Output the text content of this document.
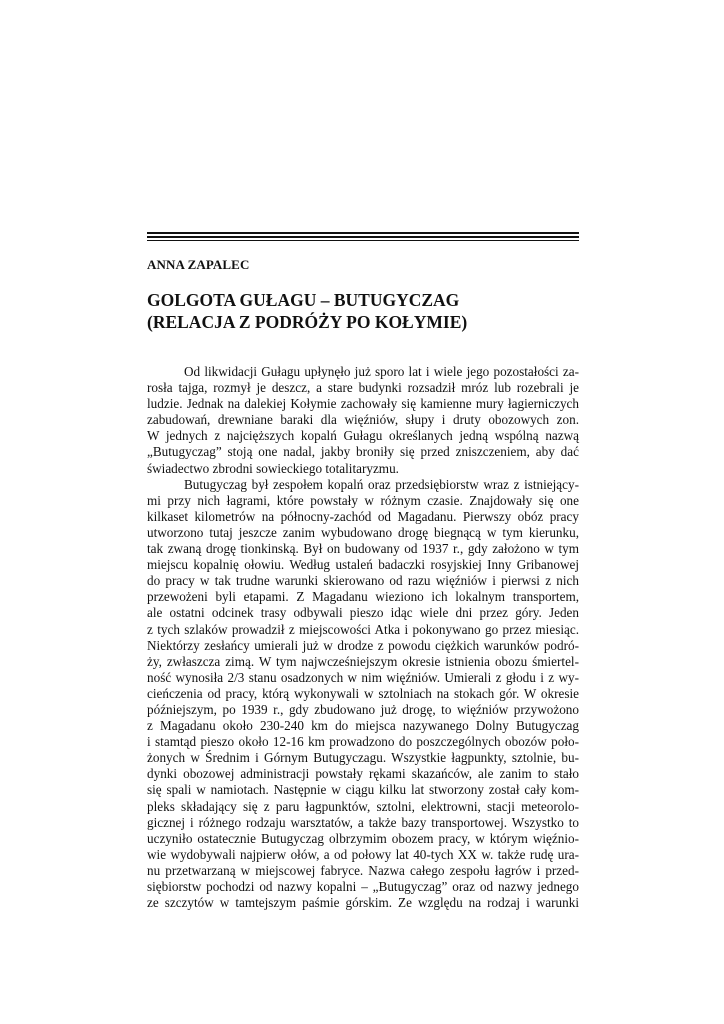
ANNA ZAPALEC

GOLGOTA GUŁAGU – BUTUGYCZAG
(RELACJA Z PODRÓŻY PO KOŁYMIE)
Od likwidacji Gułagu upłynęło już sporo lat i wiele jego pozostałości za-
rosła tajga, rozmył je deszcz, a stare budynki rozsadził mróz lub rozebrali je
ludzie. Jednak na dalekiej Kołymie zachowały się kamienne mury łagierniczych
zabudowań, drewniane baraki dla więźniów, słupy i druty obozowych zon.
W jednych z najcięższych kopalń Gułagu określanych jedną wspólną nazwą
„Butugyczag” stoją one nadal, jakby broniły się przed zniszczeniem, aby dać
świadectwo zbrodni sowieckiego totalitaryzmu.
Butugyczag był zespołem kopalń oraz przedsiębiorstw wraz z istniejący-
mi przy nich łagrami, które powstały w różnym czasie. Znajdowały się one
kilkaset kilometrów na północny-zachód od Magadanu. Pierwszy obóz pracy
utworzono tutaj jeszcze zanim wybudowano drogę biegnącą w tym kierunku,
tak zwaną drogę tionkinską. Był on budowany od 1937 r., gdy założono w tym
miejscu kopalnię ołowiu. Według ustaleń badaczki rosyjskiej Inny Gribanowej
do pracy w tak trudne warunki skierowano od razu więźniów i pierwsi z nich
przewożeni byli etapami. Z Magadanu wieziono ich lokalnym transportem,
ale ostatni odcinek trasy odbywali pieszo idąc wiele dni przez góry. Jeden
z tych szlaków prowadził z miejscowości Atka i pokonywano go przez miesiąc.
Niektórzy zesłańcy umierali już w drodze z powodu ciężkich warunków podró-
ży, zwłaszcza zimą. W tym najwcześniejszym okresie istnienia obozu śmiertel-
ność wynosiła 2/3 stanu osadzonych w nim więźniów. Umierali z głodu i z wy-
cieńczenia od pracy, którą wykonywali w sztolniach na stokach gór. W okresie
późniejszym, po 1939 r., gdy zbudowano już drogę, to więźniów przywożono
z Magadanu około 230-240 km do miejsca nazywanego Dolny Butugyczag
i stamtąd pieszo około 12-16 km prowadzono do poszczególnych obozów poło-
żonych w Średnim i Górnym Butugyczagu. Wszystkie łagpunkty, sztolnie, bu-
dynki obozowej administracji powstały rękami skazańców, ale zanim to stało
się spali w namiotach. Następnie w ciągu kilku lat stworzony został cały kom-
pleks składający się z paru łagpunktów, sztolni, elektrowni, stacji meteorolo-
gicznej i różnego rodzaju warsztatów, a także bazy transportowej. Wszystko to
uczyniło ostatecznie Butugyczag olbrzymim obozem pracy, w którym więźnio-
wie wydobywali najpierw ołów, a od połowy lat 40-tych XX w. także rudę ura-
nu przetwarzaną w miejscowej fabryce. Nazwa całego zespołu łagrów i przed-
siębiorstw pochodzi od nazwy kopalni – „Butugyczag” oraz od nazwy jednego
ze szczytów w tamtejszym paśmie górskim. Ze względu na rodzaj i warunki
